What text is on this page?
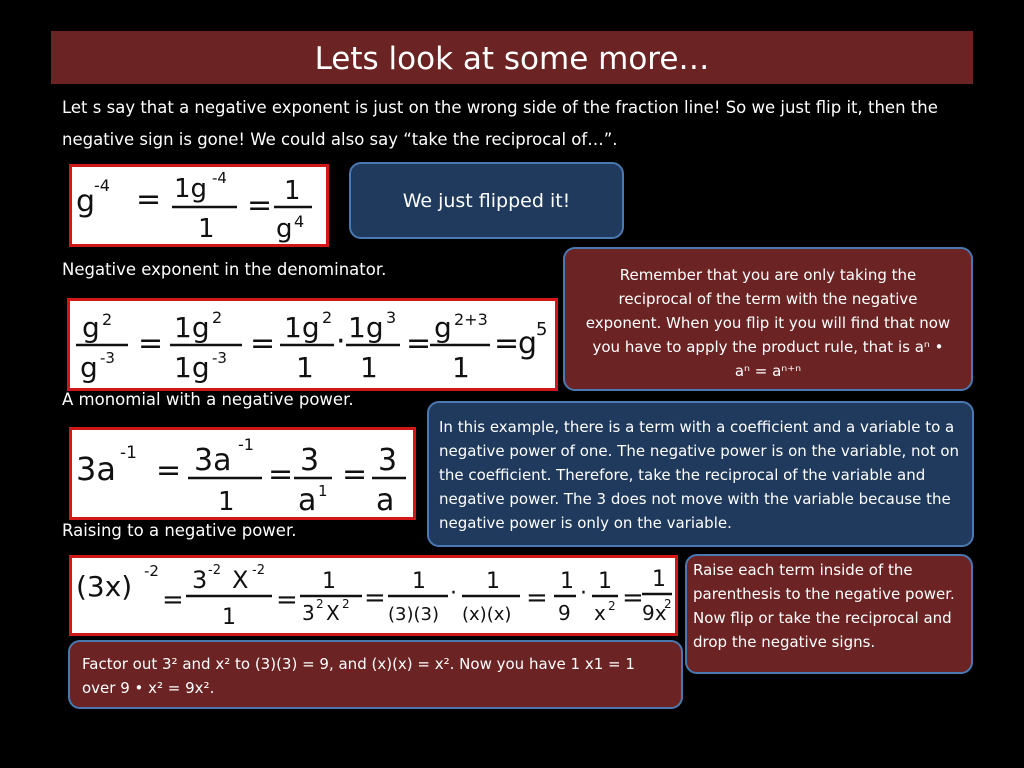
Lets look at some more…
Let s say that a negative exponent is just on the wrong side of the fraction line! So we just flip it, then the negative sign is gone! We could also say “take the reciprocal of…”.
g
-4 = 1g -4
1
= 1
g 4
We just flipped it!
Negative exponent in the denominator.	Remember that you are only taking the reciprocal of the term with the negative exponent. When you flip it you will find that now you have to apply the product rule, that is aⁿ • aⁿ = aⁿ⁺ⁿ
g 2
g -3 = 1g 2
1g -3 = 1g 2
1
· 1g 3
1
= g 2+3
1
=
g
5
A monomial with a negative power.
In this example, there is a term with a coefficient and a variable to a negative power of one. The negative power is on the variable, not on the coefficient. Therefore, take the reciprocal of the variable and negative power. The 3 does not move with the variable because the negative power is only on the variable.
3a -1 = 3a -1
1
= 3
a 1 = 3
a
Raising to a negative power.
(3x) -2
=
3 -2 X -2
1
=
1
3 2 X 2 =
1
(3)(3)
· 1
(x)(x)
=
1
9
· 1
x 2 =
1
9x
2
Raise each term inside of the parenthesis to the negative power. Now flip or take the reciprocal and drop the negative signs.
Factor out 3² and x² to (3)(3) = 9, and (x)(x) = x². Now you have 1 x1 = 1 over 9 • x² = 9x².
